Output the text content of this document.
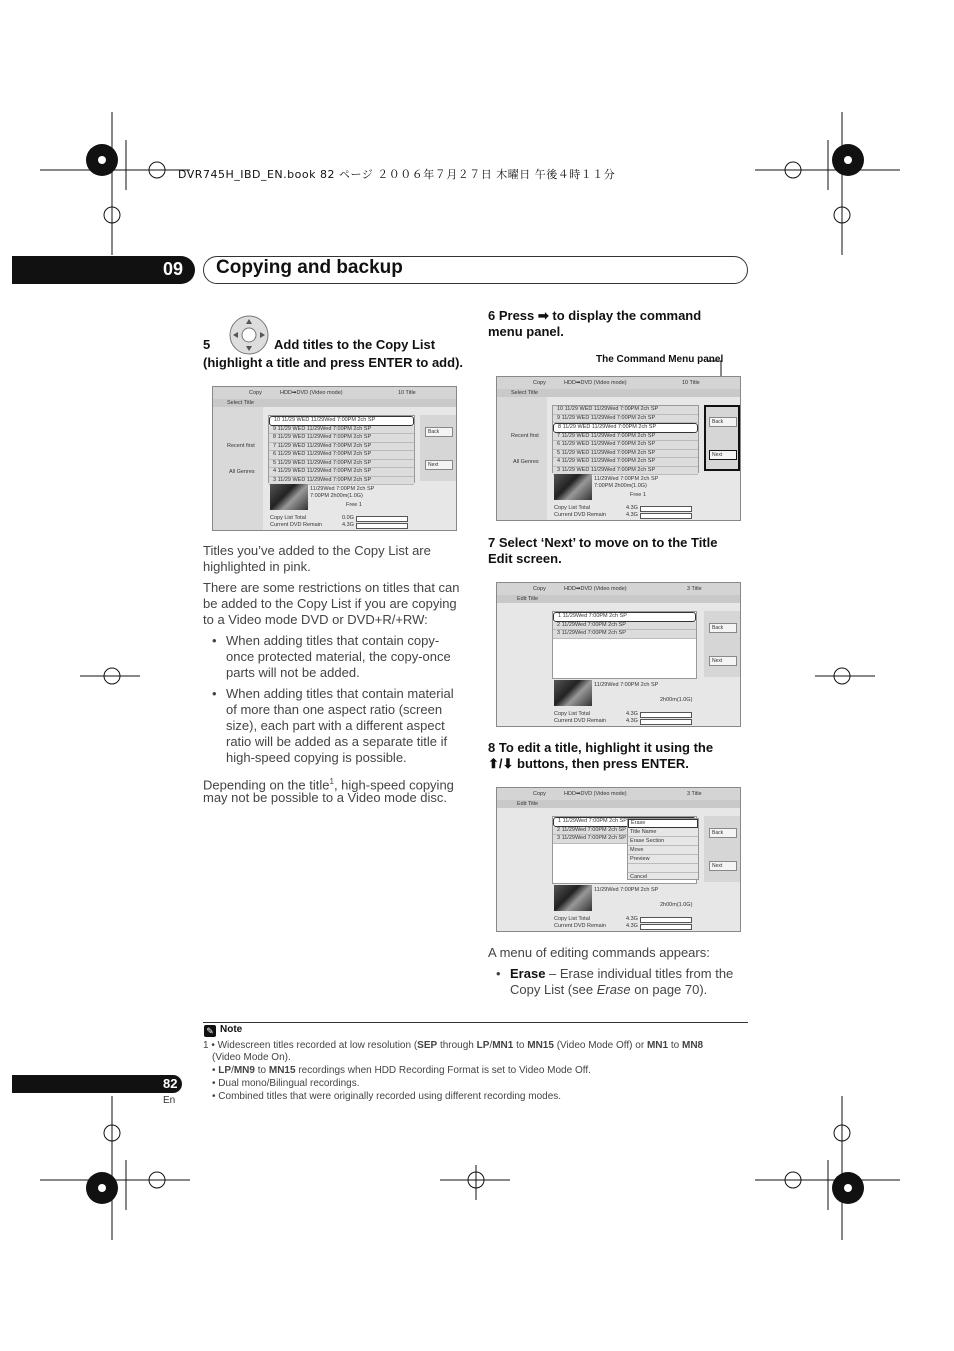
DVR745H_IBD_EN.book 82 ページ ２００６年７月２７日 木曜日 午後４時１１分
09 Copying and backup
5	Add titles to the Copy List
(highlight a title and press ENTER to add).
Copy	HDD➡DVD (Video mode)	10 Title
Select Title
Recent first
All Genres
10 11/29 WED 11/29Wed 7:00PM 2ch SP
9 11/29 WED 11/29Wed 7:00PM 2ch SP
8 11/29 WED 11/29Wed 7:00PM 2ch SP
7 11/29 WED 11/29Wed 7:00PM 2ch SP
6 11/29 WED 11/29Wed 7:00PM 2ch SP
5 11/29 WED 11/29Wed 7:00PM 2ch SP
4 11/29 WED 11/29Wed 7:00PM 2ch SP
3 11/29 WED 11/29Wed 7:00PM 2ch SP
Back
Next
11/29Wed 7:00PM 2ch SP
7:00PM 2h00m(1.0G)
Free 1
Copy List Total
Current DVD Remain
0.0G
4.3G
Titles you’ve added to the Copy List are
highlighted in pink.
There are some restrictions on titles that can
be added to the Copy List if you are copying
to a Video mode DVD or DVD+R/+RW:
• When adding titles that contain copy-
once protected material, the copy-once
parts will not be added.
• When adding titles that contain material
of more than one aspect ratio (screen
size), each part with a different aspect
ratio will be added as a separate title if
high-speed copying is possible.
Depending on the title$^1$, high-speed copying
may not be possible to a Video mode disc.
6 Press ➡ to display the command
menu panel.
The Command Menu panel
Copy	HDD➡DVD (Video mode)	10 Title
Select Title
Recent first
All Genres
10 11/29 WED 11/29Wed 7:00PM 2ch SP
9 11/29 WED 11/29Wed 7:00PM 2ch SP
8 11/29 WED 11/29Wed 7:00PM 2ch SP
7 11/29 WED 11/29Wed 7:00PM 2ch SP
6 11/29 WED 11/29Wed 7:00PM 2ch SP
5 11/29 WED 11/29Wed 7:00PM 2ch SP
4 11/29 WED 11/29Wed 7:00PM 2ch SP
3 11/29 WED 11/29Wed 7:00PM 2ch SP
Back
Next
11/29Wed 7:00PM 2ch SP
7:00PM 2h00m(1.0G)
Free 1
Copy List Total
Current DVD Remain
4.3G
4.3G
7 Select ‘Next’ to move on to the Title
Edit screen.
Copy	HDD➡DVD (Video mode)	3 Title
Edit Title
1 11/29Wed 7:00PM 2ch SP
2 11/29Wed 7:00PM 2ch SP
3 11/29Wed 7:00PM 2ch SP
Back
Next
11/29Wed 7:00PM 2ch SP
2h00m(1.0G)
Copy List Total
Current DVD Remain
4.3G
4.3G
8 To edit a title, highlight it using the
⬆/⬇ buttons, then press ENTER.
Copy	HDD➡DVD (Video mode)	3 Title
Edit Title
1 11/29Wed 7:00PM 2ch SP
2 11/29Wed 7:00PM 2ch SP
3 11/29Wed 7:00PM 2ch SP
Erase
Title Name
Erase Section
Move
Preview
Cancel
Back
Next
11/29Wed 7:00PM 2ch SP
2h00m(1.0G)
Copy List Total
Current DVD Remain
4.3G
4.3G
A menu of editing commands appears:
• Erase – Erase individual titles from the
Copy List (see Erase on page 70).
✎ Note
1 • Widescreen titles recorded at low resolution (SEP through LP/MN1 to MN15 (Video Mode Off) or MN1 to MN8
(Video Mode On).
• LP/MN9 to MN15 recordings when HDD Recording Format is set to Video Mode Off.
• Dual mono/Bilingual recordings.
• Combined titles that were originally recorded using different recording modes.
82
En
